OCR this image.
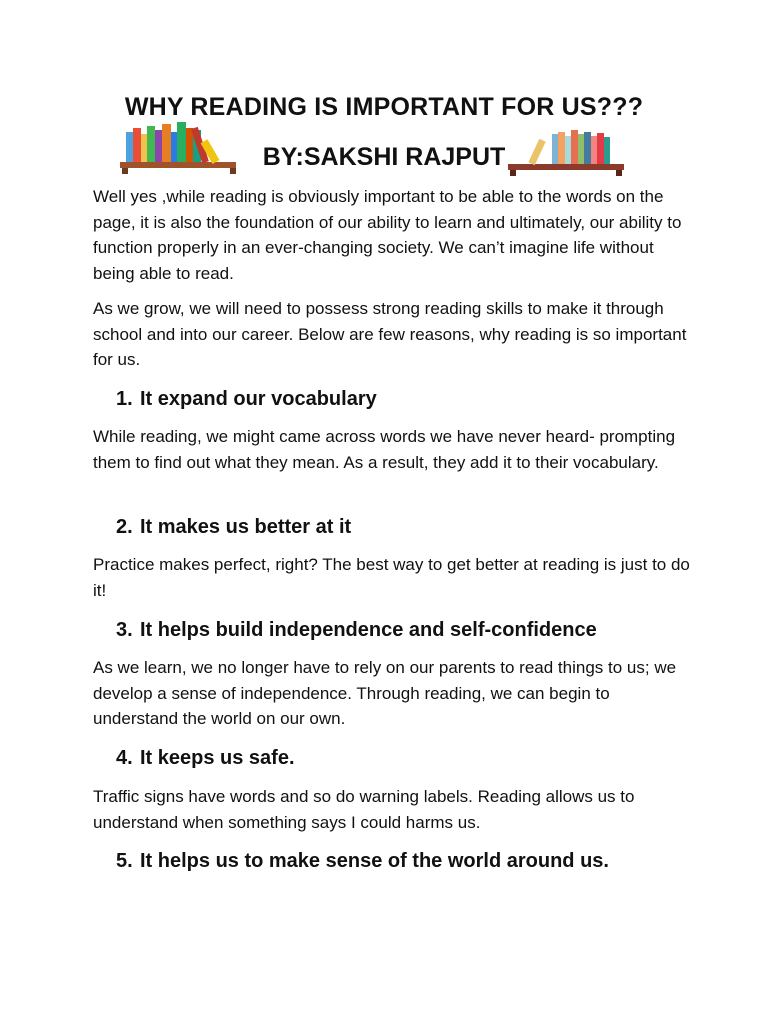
WHY READING IS IMPORTANT FOR US???
BY:SAKSHI RAJPUT

Well yes ,while reading is obviously important to be able to the words on the page, it is also the foundation of our ability to learn and ultimately, our ability to function properly in an ever-changing society. We can’t imagine life without being able to read.

As we grow, we will need to possess strong reading skills to make it through school and into our career. Below are few reasons, why reading is so important for us.

1. It expand our vocabulary

While reading, we might came across words we have never heard- prompting them to find out what they mean. As a result, they add it to their vocabulary.

2. It makes us better at it

Practice makes perfect, right? The best way to get better at reading is just to do it!

3. It helps build independence and self-confidence

As we learn, we no longer have to rely on our parents to read things to us; we develop a sense of independence. Through reading, we can begin to understand the world on our own.

4. It keeps us safe.

Traffic signs have words and so do warning labels. Reading allows us to understand when something says I could harms us.

5. It helps us to make sense of the world around us.
